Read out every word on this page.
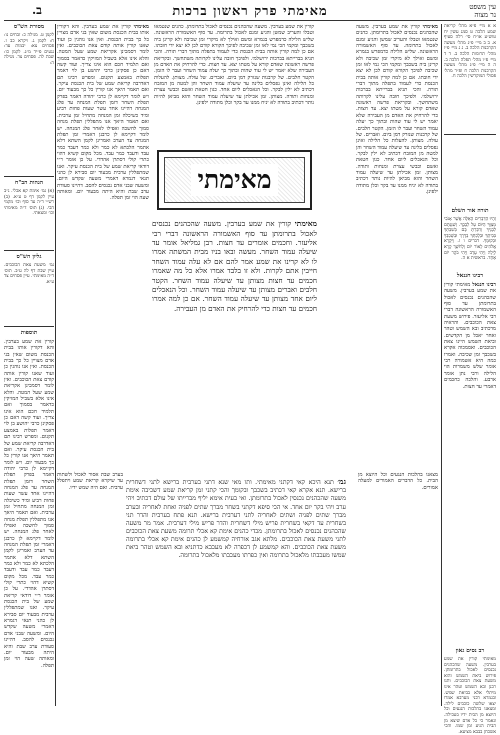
עין משפט
נר מצוה
מאימתי פרק ראשון ברכות
ב.

א א מיי׳ פ״א מהל׳ קריאת שמע הלכה ט סמג עשין יח טוש״ע או״ח סי׳ רלה סעיף א. ב ב מיי׳ פ״ג מהל׳ מעשה הקרבנות הלכה ב. ג ג מיי׳ פ״ז מהל׳ תרומות הלכה ב. ד ד מיי׳ פ״ו מהל׳ תפלה הלכה ב. ה ה מיי׳ פ״ג מהל׳ מעשה הקרבנות הלכה ח ופ״ד מהל׳ פסולי המוקדשין הלכה ח.

תורה אור השלם

וְהָיוּ הַדְּבָרִים הָאֵלֶּה אֲשֶׁר אָנֹכִי מְצַוְּךָ הַיּוֹם עַל לְבָבֶךָ. וְשִׁנַּנְתָּם לְבָנֶיךָ וְדִבַּרְתָּ בָּם בְּשִׁבְתְּךָ בְּבֵיתֶךָ וּבְלֶכְתְּךָ בַדֶּרֶךְ וּבְשָׁכְבְּךָ וּבְקוּמֶךָ. דברים ו ז. וַיִּקְרָא אֱלֹהִים לָאוֹר יוֹם וְלַחֹשֶׁךְ קָרָא לָיְלָה וַיְהִי עֶרֶב וַיְהִי בֹקֶר יוֹם אֶחָד. בראשית א ה.

רבינו חננאל

רבינו חננאל מאימתי קורין את שמע בערבין. משעה שהכהנים נכנסים לאכול בתרומתן עד סוף האשמורה הראשונה דברי רבי אליעזר. פירוש משעת צאת הכוכבים. והראיה מדכתיב ובא השמש וטהר ואחר יאכל מן הקדשים. וביאת השמש היינו צאת הכוכבים. ואסמכוה אקרא בשכבך זמן שכיבה. ואמרו כמה היא אשמורה רבי אומר שלש משמרות הוי הלילה ורבי נתן אומר ארבע. והלכה כחכמים דאמרי עד חצות.

רב נסים גאון

מאימתי קורין את שמע בערבין. משעה שהכהנים נכנסים לאכול בתרומתן. פירוש ביאת השמש והוא משעת צאת הכוכבים. ותנו רבנן ובא השמש וטהר אינו מיתלי אלא בביאת שמש. ובגמרא דבני מערבא אמרו יצאו שלשה כוכבים לילה. ומצאנו בהלכות הנגעים וכל היוצא מן הבית ידיו בטבילה. ונאמר כי כל אדם שיצא מן הבית הגיע זמן שמו. והכי אשכחן בבבא מציעא.

מאימתי קורין את שמע בערבין. משעה שהכהנים נכנסים לאכול בתרומתן. כהנים שנטמאו וטבלו והעריב שמשן והגיע זמנם לאכול בתרומה. עד סוף האשמורה הראשונה. שליש הלילה כדמפרש בגמרא ומשם ואילך לא מיקרי זמן שכיבה ולא קרינן ביה בשכבך ומקמי הכי נמי לאו זמן שכיבה לפיכך הקורא קודם לכן לא יצא ידי חובתו. אם כן למה קורין אותה בבית הכנסת כדי לעמוד בתפלה מתוך דברי תורה. והכי תניא בברייתא בברכות ירושלמי. ולפיכך חובה עלינו לקרותה משתחשך. ובקריאת פרשה ראשונה שאדם קורא על מטתו יצא. עד חצות. כדי להרחיק את האדם מן העבירה שלא יאמר יש לי עוד שהות ובתוך כך יעלה עמוד השחר ועבר לו הזמן. הקטר חלבים. של קרבנות שנזרק דמן ביום. ואברים. של עולה. מצותן. להעלות כל הלילה ואינן נפסלים בלינה עד שיעלה עמוד השחר והן למטה מן המזבח דכתיב לא ילין לבקר. וכל הנאכלים ליום אחד. כגון חטאת ואשם וכבשי עצרת ומנחות ותודה. מצותן. זמן אכילתן עד שיעלה עמוד השחר והוא מביאן להיות נותר דכתיב בתודה לא יניח ממנו עד בקר וכלן מתודה ילפינן.

מאימתי קורין את שמע בערבין. והא דקורין אותו בבית הכנסת משום שאין בני אדם מצויין כל כך בבית הכנסת. ואין אנו נוהגין כן ועוד שאנו קורין אותה קודם צאת הכוכבים. ואין לומר דסמכינן אקריאת שמע שעל המטה. והלא אינו אלא בשביל המזיקין כדאמר בסמוך ואם תלמיד חכם הוא אינו צריך. ועוד קשה דאם כן פסקינן כרבי יהושע בן לוי דאמר תפלות באמצע תקנום. ומפרש רבינו תם דאדרבה קריאת שמע של בית הכנסת עיקר. ואם תאמר היאך אנו קורין כל כך מבעוד יום. ויש לומר דקיימא לן כרבי יהודה דאמר בפרק תפלת השחר דזמן תפלת המנחה עד פלג המנחה דהיינו אחד עשר שעות פחות רביע ומיד כשיכלה זמן המנחה מתחיל זמן ערבית. ואם תאמר היאך אנו מתפללין תפלת מנחה סמוך לחשכה ואפילו לאחר פלג המנחה. יש לומר דקיימא לן כרבנן דאמרי זמן תפלת המנחה עד הערב ואמרינן לקמן השתא דלא אתמר הלכתא לא כמר ולא כמר דעבד כמר עבד ודעבד כמר עבד. מכל מקום קשיא דהוי כתרי קולי דסתרן אהדדי. על כן אומר ר״י דודאי קריאת שמע של בית הכנסת עיקר. ואנו שמתפללין ערבית מבעוד יום סבירא לן כהני תנאי דגמרא דאמרי משעה שקדש היום. ומשעה שבני אדם נכנסים להסב. דהיינו סעודת ערב שבת והיא היתה מבעוד יום. ומאותה שעה הוי זמן תפלה.

קורין את שמע בערבין. משעה שהכהנים נכנסים לאכול בתרומתן. כהנים שנטמאו וטבלו והעריב שמשן והגיע זמנם לאכול בתרומה. עד סוף האשמורה הראשונה. שליש הלילה כדמפרש בגמרא ומשם ואילך לא מיקרי זמן שכיבה ולא קרינן ביה בשכבך ומקמי הכי נמי לאו זמן שכיבה לפיכך הקורא קודם לכן לא יצא ידי חובתו. אם כן למה קורין אותה בבית הכנסת כדי לעמוד בתפלה מתוך דברי תורה. והכי תניא בברייתא בברכות ירושלמי. ולפיכך חובה עלינו לקרותה משתחשך. ובקריאת פרשה ראשונה שאדם קורא על מטתו יצא. עד חצות. כדי להרחיק את האדם מן העבירה שלא יאמר יש לי עוד שהות ובתוך כך יעלה עמוד השחר ועבר לו הזמן. הקטר חלבים. של קרבנות שנזרק דמן ביום. ואברים. של עולה. מצותן. להעלות כל הלילה ואינן נפסלים בלינה עד שיעלה עמוד השחר והן למטה מן המזבח דכתיב לא ילין לבקר. וכל הנאכלים ליום אחד. כגון חטאת ואשם וכבשי עצרת ומנחות ותודה. מצותן. זמן אכילתן עד שיעלה עמוד השחר והוא מביאן להיות נותר דכתיב בתודה לא יניח ממנו עד בקר וכלן מתודה ילפינן.

מאימתי

מאימתי קורין את שמע בערבין. משעה שהכהנים נכנסים לאכול בתרומתן עד סוף האשמורה הראשונה דברי רבי אליעזר. וחכמים אומרים עד חצות. רבן גמליאל אומר עד שיעלה עמוד השחר. מעשה ובאו בניו מבית המשתה אמרו לו לא קרינו את שמע אמר להם אם לא עלה עמוד השחר חייבין אתם לקרות. ולא זו בלבד אמרו אלא כל מה שאמרו חכמים עד חצות מצותן עד שיעלה עמוד השחר. הקטר חלבים ואברים מצותן עד שיעלה עמוד השחר. וכל הנאכלים ליום אחד מצותן עד שיעלה עמוד השחר. אם כן למה אמרו חכמים עד חצות כדי להרחיק את האדם מן העבירה.

מסורת הש"ס

לקמן ט. מגילה כ: זבחים נו: ח: לקמן ג. ויקרא כב ז. פסחים צא: יבמות עד: נגעים פ״יד מ״ג. לקמן כו: שבת לה. פסחים צד. מגילה ה:

הגהות הב"ח

(א) גמ׳ אימת קא אכלי. נ״ב עיין לקמן דף ט ע״א. (ב) רש״י ד״ה עד סוף וכו׳ מקמי הכי. (ג) תוס׳ ד״ה מאימתי וכו׳ ומצאתי.

גליון הש"ס

גמ׳ משעת צאת הכוכבים. עיין שבת דף לה ע״ב. תוס׳ ד״ה מאימתי. עיין פסחים צד ע״א.

תוספות

קורין את שמע בערבין. והא דקורין אותו בבית הכנסת משום שאין בני אדם מצויין כל כך בבית הכנסת. ואין אנו נוהגין כן ועוד שאנו קורין אותה קודם צאת הכוכבים. ואין לומר דסמכינן אקריאת שמע שעל המטה. והלא אינו אלא בשביל המזיקין כדאמר בסמוך ואם תלמיד חכם הוא אינו צריך. ועוד קשה דאם כן פסקינן כרבי יהושע בן לוי דאמר תפלות באמצע תקנום. ומפרש רבינו תם דאדרבה קריאת שמע של בית הכנסת עיקר. ואם תאמר היאך אנו קורין כל כך מבעוד יום. ויש לומר דקיימא לן כרבי יהודה דאמר בפרק תפלת השחר דזמן תפלת המנחה עד פלג המנחה דהיינו אחד עשר שעות פחות רביע ומיד כשיכלה זמן המנחה מתחיל זמן ערבית. ואם תאמר היאך אנו מתפללין תפלת מנחה סמוך לחשכה ואפילו לאחר פלג המנחה. יש לומר דקיימא לן כרבנן דאמרי זמן תפלת המנחה עד הערב ואמרינן לקמן השתא דלא אתמר הלכתא לא כמר ולא כמר דעבד כמר עבד ודעבד כמר עבד. מכל מקום קשיא דהוי כתרי קולי דסתרן אהדדי. על כן אומר ר״י דודאי קריאת שמע של בית הכנסת עיקר. ואנו שמתפללין ערבית מבעוד יום סבירא לן כהני תנאי דגמרא דאמרי משעה שקדש היום. ומשעה שבני אדם נכנסים להסב. דהיינו סעודת ערב שבת והיא היתה מבעוד יום. ומאותה שעה הוי זמן תפלה.

גמ׳ תנא היכא קאי דקתני מאימתי. ותו מאי שנא דתני בערבית ברישא לתני דשחרית ברישא. תנא אקרא קאי דכתיב בשכבך ובקומך והכי קתני זמן קריאת שמע דשכיבה אימת משעה שהכהנים נכנסין לאכול בתרומתן. ואי בעית אימא יליף מברייתו של עולם דכתיב ויהי ערב ויהי בקר יום אחד. אי הכי סיפא דקתני בשחר מברך שתים לפניה ואחת לאחריה ובערב מברך שתים לפניה ושתים לאחריה לתני דערבית ברישא. תנא פתח בערבית והדר תני בשחרית עד דקאי בשחרית פריש מילי דשחרית והדר פריש מילי דערבית. אמר מר משעה שהכהנים נכנסים לאכול בתרומתן. מכדי כהנים אימת קא אכלי תרומה משעת צאת הכוכבים לתני משעת צאת הכוכבים. מלתא אגב אורחיה קמשמע לן כהנים אימת קא אכלי בתרומה משעת צאת הכוכבים. והא קמשמע לן דכפרה לא מעכבא כדתניא ובא השמש וטהר ביאת שמשו מעכבתו מלאכול בתרומה ואין כפרתו מעכבתו מלאכול בתרומה.

מצאנו בהלכות הנגעים וכל היוצא מן הבית. כל הדברים האמורים למעלה אמורים.

בערב שבת אסור לאכול ולשתות עד שיקרא קריאת שמע ויתפלל ערבית. ואם היה שמש ידיו.
